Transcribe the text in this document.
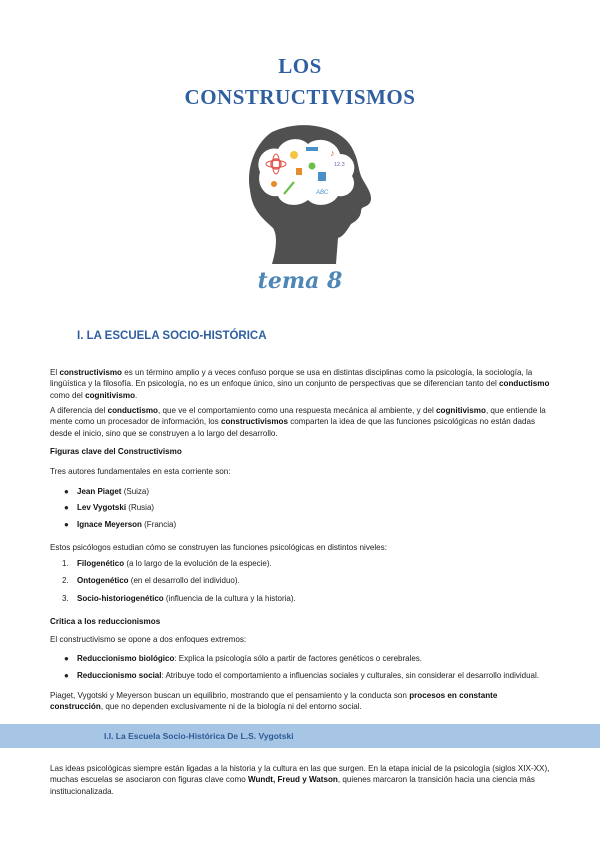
LOS
CONSTRUCTIVISMOS
12.3
ABC
♪
tema 8
I. LA ESCUELA SOCIO-HISTÓRICA

El constructivismo es un término amplio y a veces confuso porque se usa en distintas disciplinas como la psicología, la sociología, la lingüística y la filosofía. En psicología, no es un enfoque único, sino un conjunto de perspectivas que se diferencian tanto del conductismo como del cognitivismo.

A diferencia del conductismo, que ve el comportamiento como una respuesta mecánica al ambiente, y del cognitivismo, que entiende la mente como un procesador de información, los constructivismos comparten la idea de que las funciones psicológicas no están dadas desde el inicio, sino que se construyen a lo largo del desarrollo.

Figuras clave del Constructivismo
Tres autores fundamentales en esta corriente son:
● Jean Piaget (Suiza)
● Lev Vygotski (Rusia)
● Ignace Meyerson (Francia)
Estos psicólogos estudian cómo se construyen las funciones psicológicas en distintos niveles:
1. Filogenético (a lo largo de la evolución de la especie).
2. Ontogenético (en el desarrollo del individuo).
3. Socio-historiogenético (influencia de la cultura y la historia).
Crítica a los reduccionismos
El constructivismo se opone a dos enfoques extremos:
● Reduccionismo biológico: Explica la psicología sólo a partir de factores genéticos o cerebrales.
● Reduccionismo social: Atribuye todo el comportamiento a influencias sociales y culturales, sin considerar el desarrollo individual.

Piaget, Vygotski y Meyerson buscan un equilibrio, mostrando que el pensamiento y la conducta son procesos en constante construcción, que no dependen exclusivamente ni de la biología ni del entorno social.

I.I. La Escuela Socio-Histórica De L.S. Vygotski

Las ideas psicológicas siempre están ligadas a la historia y la cultura en las que surgen. En la etapa inicial de la psicología (siglos XIX-XX), muchas escuelas se asociaron con figuras clave como Wundt, Freud y Watson, quienes marcaron la transición hacia una ciencia más institucionalizada.
